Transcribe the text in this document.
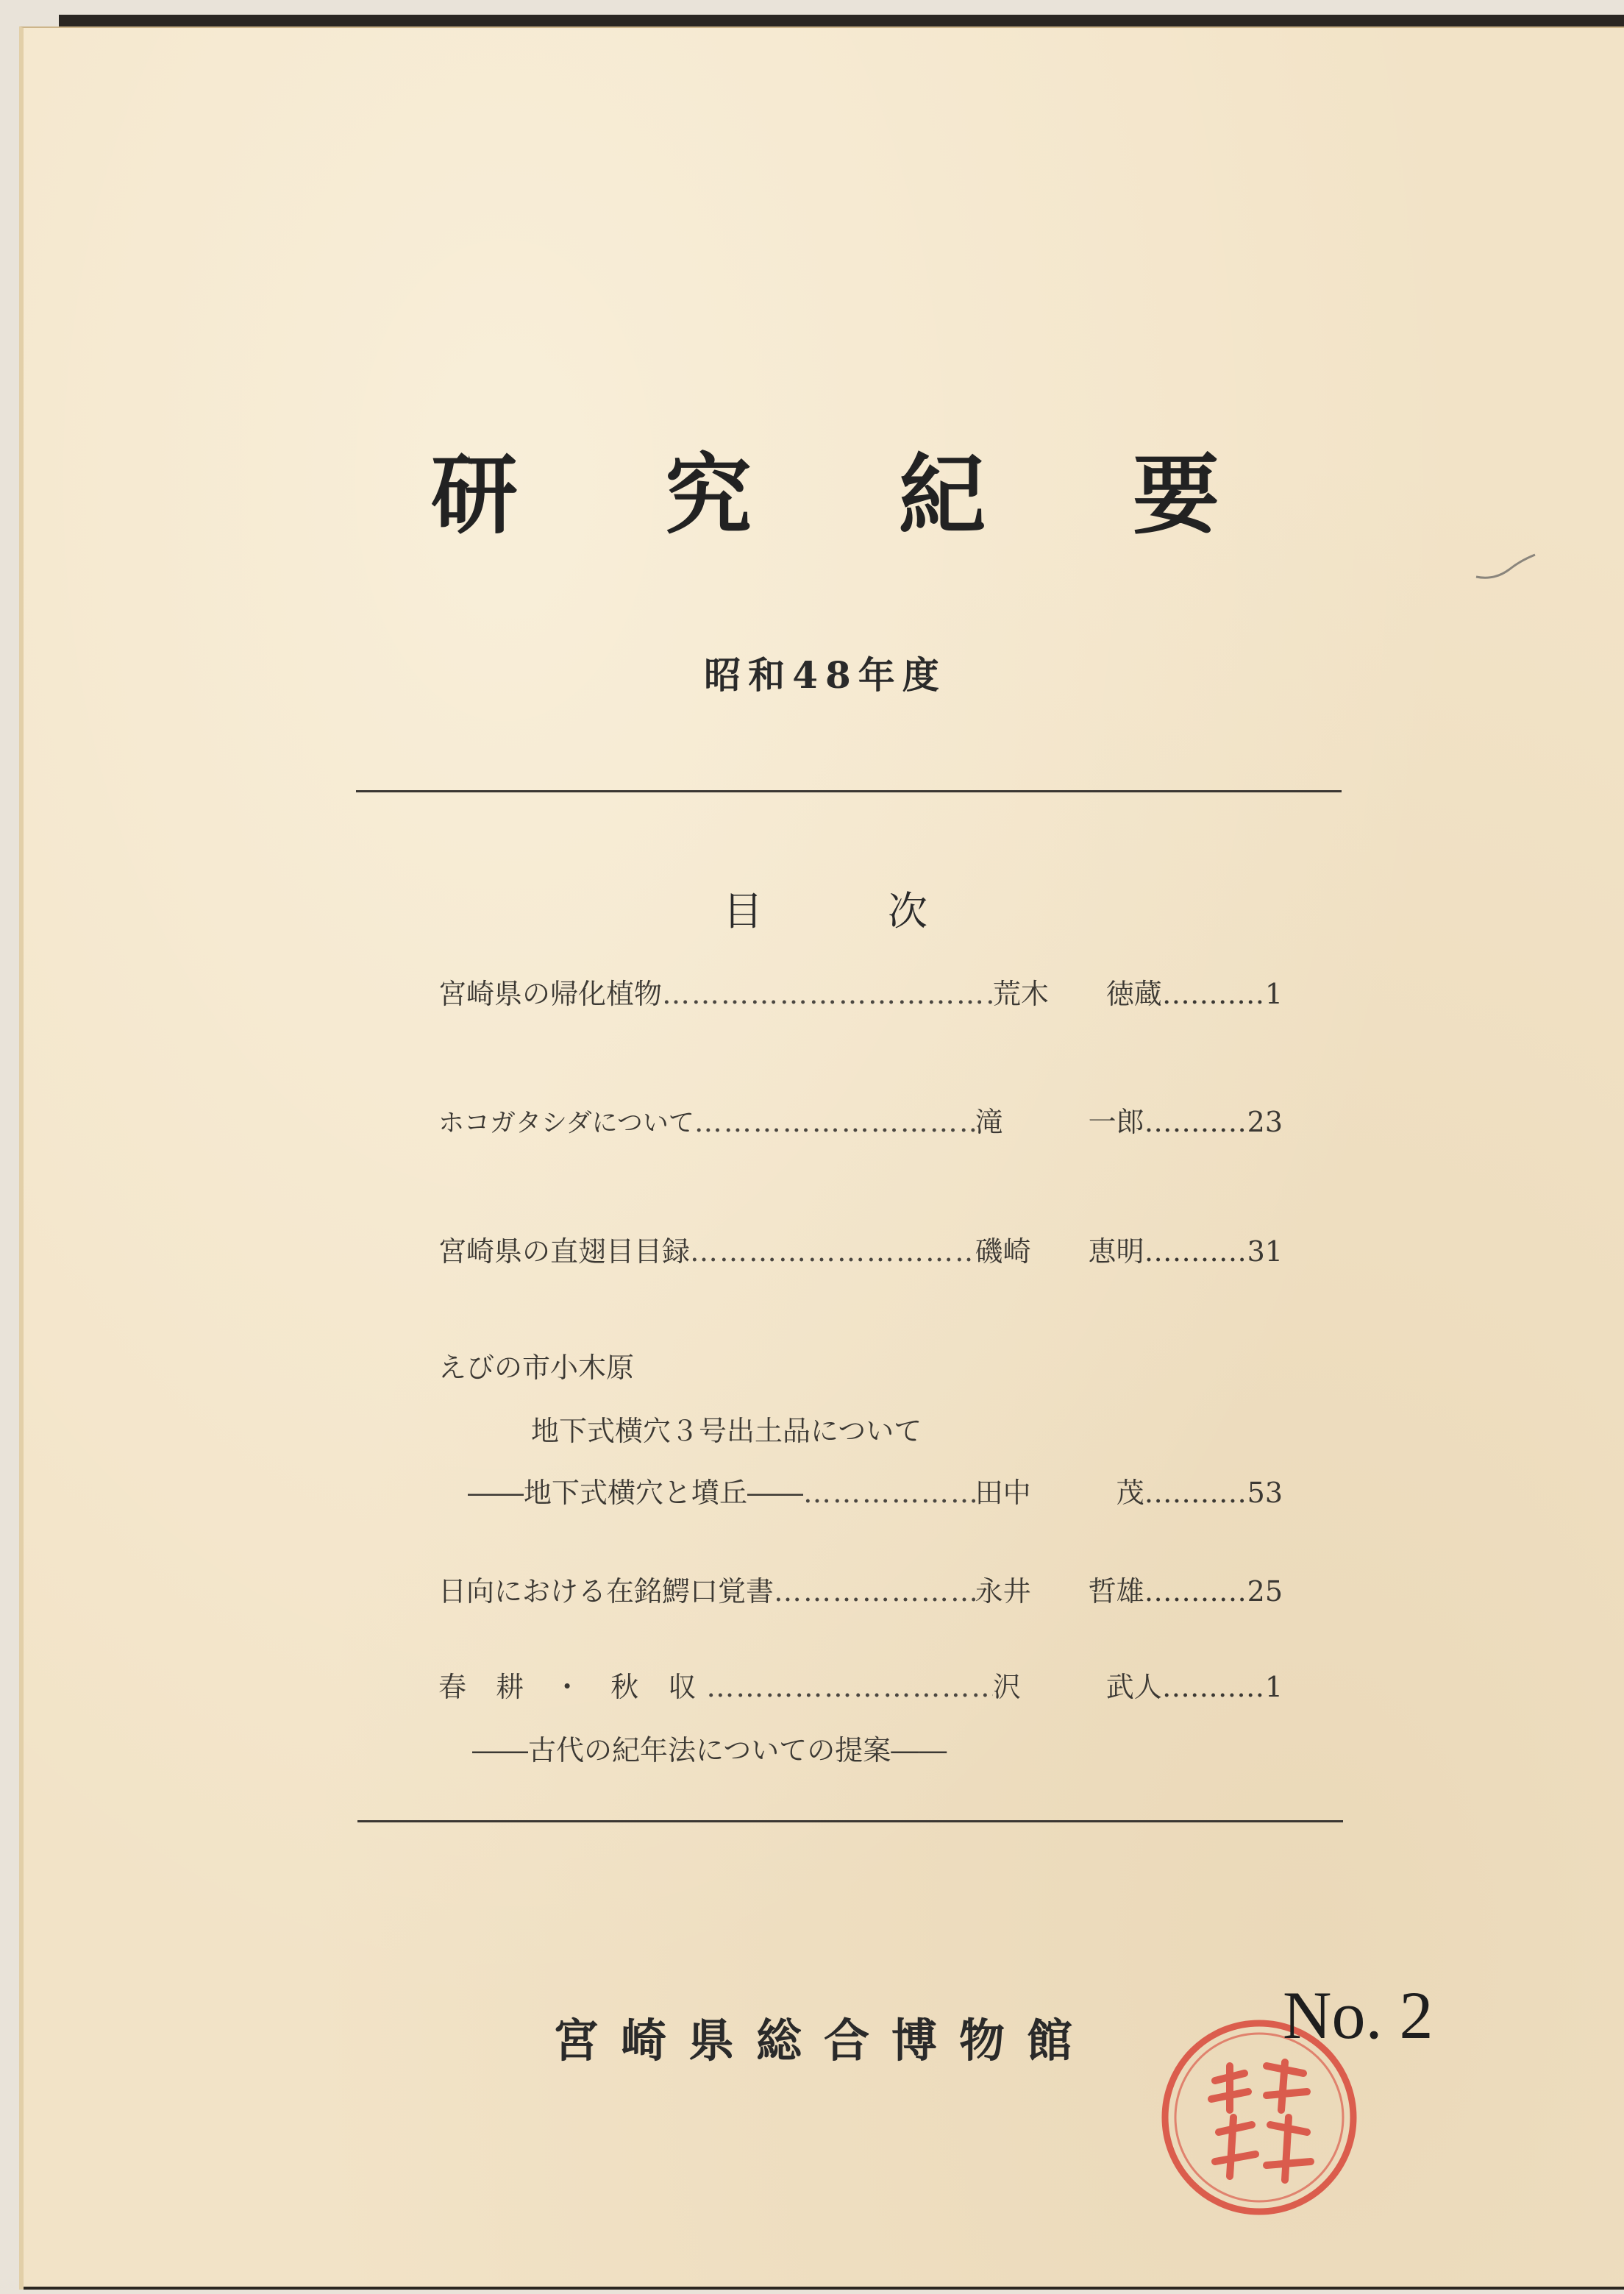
研究紀要
昭和48年度
目次
宮崎県の帰化植物 …………………………………………………………………………………………	荒木	徳蔵 ……………………	1
ホコガタシダについて …………………………………………………………………………………………	滝	一郎 ……………………	23
宮崎県の直翅目目録 …………………………………………………………………………………………	磯崎	恵明 ……………………	31
えびの市小木原
地下式横穴３号出土品について
――地下式横穴と墳丘―― …………………………………………………………………………………………	田中	茂 ……………………	53
日向における在銘鰐口覚書 …………………………………………………………………………………………	永井	哲雄 ……………………	25
春 耕 ・ 秋 収 …………………………………………………………………………………………	沢	武人 ……………………	1
――古代の紀年法についての提案――
宮崎県総合博物館	No. 2
